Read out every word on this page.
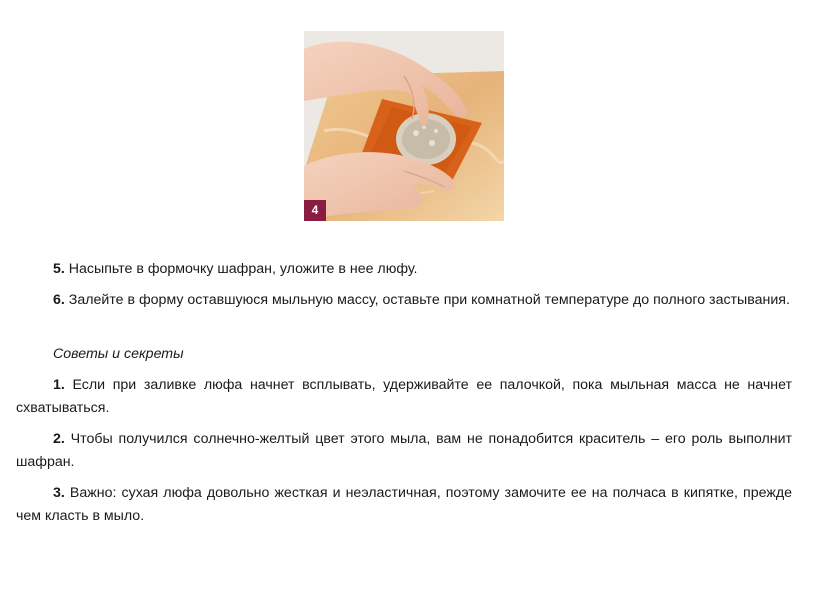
4

5. Насыпьте в формочку шафран, уложите в нее люфу.

6. Залейте в форму оставшуюся мыльную массу, оставьте при комнатной температуре до полного застывания.

Советы и секреты

1. Если при заливке люфа начнет всплывать, удерживайте ее палочкой, пока мыльная масса не начнет схватываться.

2. Чтобы получился солнечно-желтый цвет этого мыла, вам не понадобится краситель – его роль выполнит шафран.

3. Важно: сухая люфа довольно жесткая и неэластичная, поэтому замочите ее на полчаса в кипятке, прежде чем класть в мыло.
